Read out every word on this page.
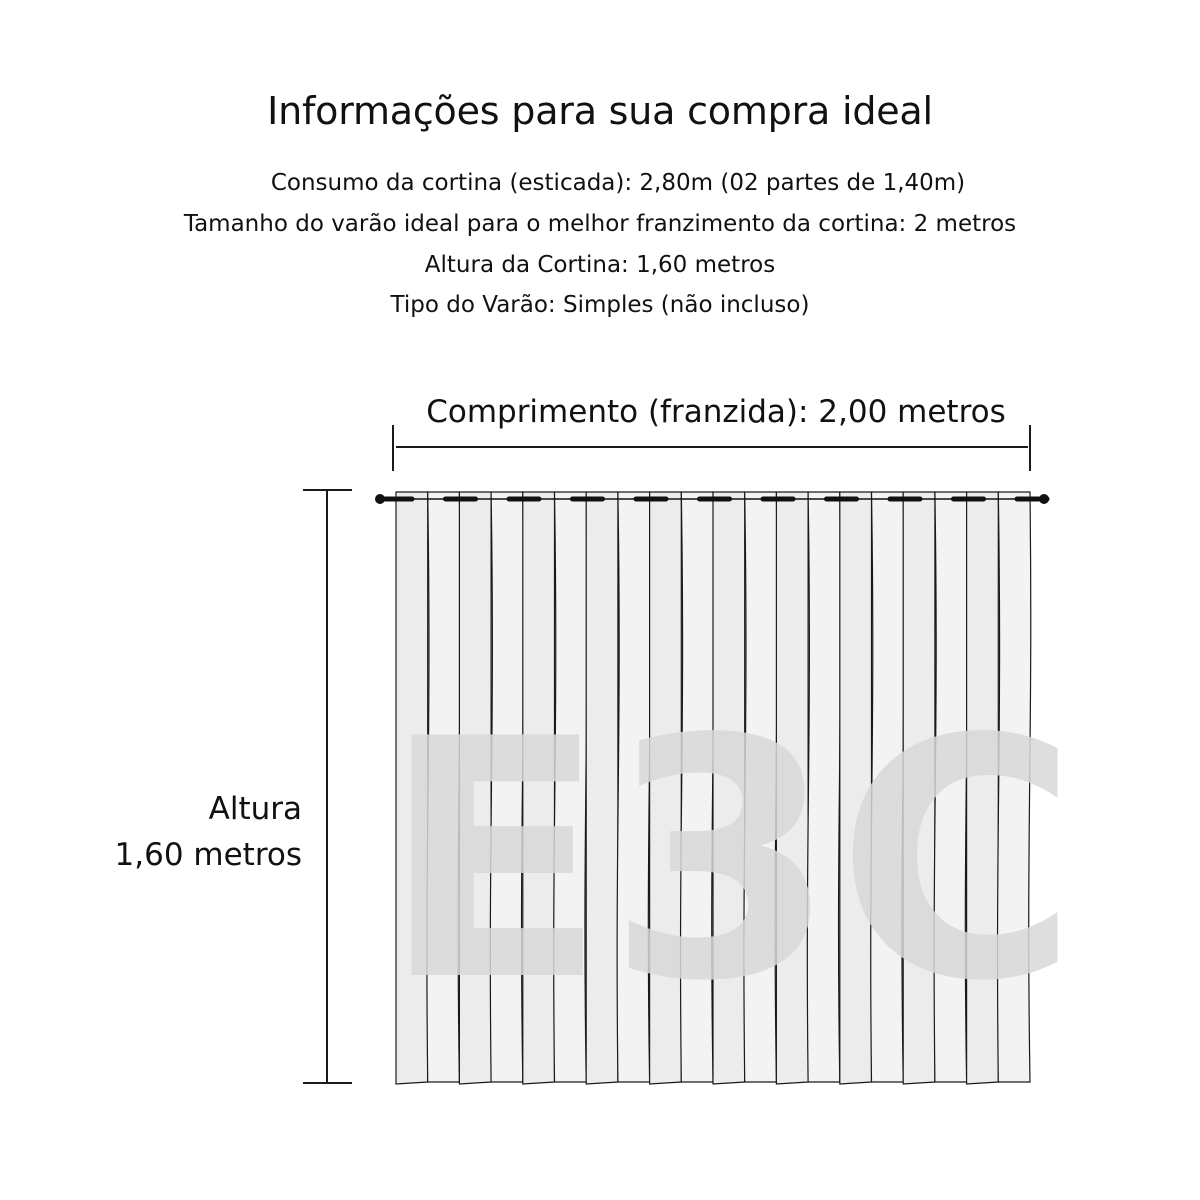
Informações para sua compra ideal
Consumo da cortina (esticada): 2,80m (02 partes de 1,40m)
Tamanho do varão ideal para o melhor franzimento da cortina: 2 metros
Altura da Cortina: 1,60 metros
Tipo do Varão: Simples (não incluso)
Comprimento (franzida): 2,00 metros
Altura
1,60 metros E3C
